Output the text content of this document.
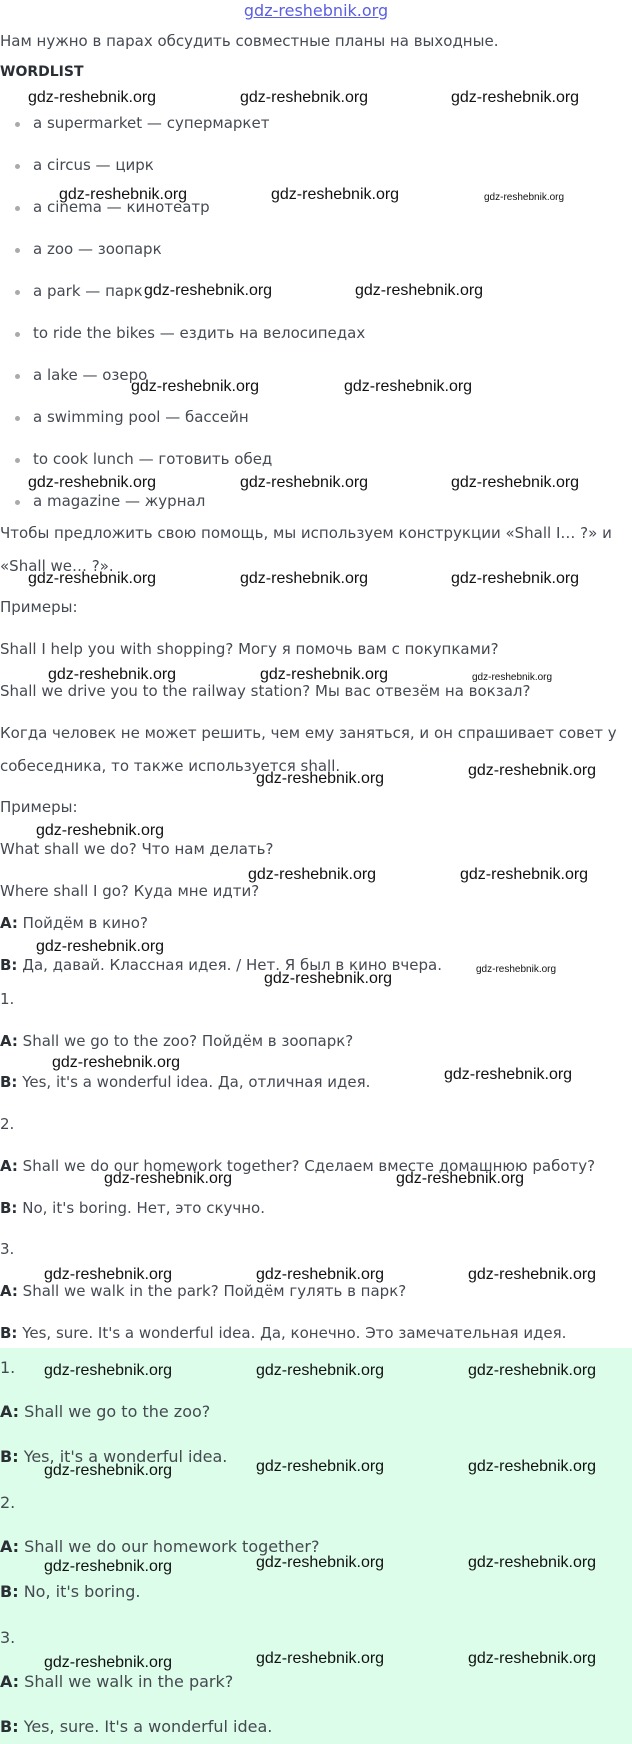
gdz-reshebnik.org
Нам нужно в парах обсудить совместные планы на выходные.
WORDLIST
a supermarket — супермаркет
a circus — цирк
a cinema — кинотеатр
a zoo — зоопарк
a park — парк
to ride the bikes — ездить на велосипедах
a lake — озеро
a swimming pool — бассейн
to cook lunch — готовить обед
a magazine — журнал
Чтобы предложить свою помощь, мы используем конструкции «Shall I… ?» и
«Shall we… ?».
Примеры:
Shall I help you with shopping? Могу я помочь вам с покупками?
Shall we drive you to the railway station? Мы вас отвезём на вокзал?
Когда человек не может решить, чем ему заняться, и он спрашивает совет у
собеседника, то также используется shall.
Примеры:
What shall we do? Что нам делать?
Where shall I go? Куда мне идти?
A: Пойдём в кино?
B: Да, давай. Классная идея. / Нет. Я был в кино вчера.
1.
A: Shall we go to the zoo? Пойдём в зоопарк?
B: Yes, it's a wonderful idea. Да, отличная идея.
2.
A: Shall we do our homework together? Сделаем вместе домашнюю работу?
B: No, it's boring. Нет, это скучно.
3.
A: Shall we walk in the park? Пойдём гулять в парк?
B: Yes, sure. It's a wonderful idea. Да, конечно. Это замечательная идея.
1.
A: Shall we go to the zoo?
B: Yes, it's a wonderful idea.
2.
A: Shall we do our homework together?
B: No, it's boring.
3.
A: Shall we walk in the park?
B: Yes, sure. It's a wonderful idea.
gdz-reshebnik.org	gdz-reshebnik.org	gdz-reshebnik.org
gdz-reshebnik.org	gdz-reshebnik.org	gdz-reshebnik.org
gdz-reshebnik.org	gdz-reshebnik.org
gdz-reshebnik.org	gdz-reshebnik.org
gdz-reshebnik.org	gdz-reshebnik.org	gdz-reshebnik.org
gdz-reshebnik.org	gdz-reshebnik.org	gdz-reshebnik.org
gdz-reshebnik.org	gdz-reshebnik.org	gdz-reshebnik.org
gdz-reshebnik.org
gdz-reshebnik.org
gdz-reshebnik.org
gdz-reshebnik.org	gdz-reshebnik.org
gdz-reshebnik.org
gdz-reshebnik.org
gdz-reshebnik.org
gdz-reshebnik.org
gdz-reshebnik.org
gdz-reshebnik.org	gdz-reshebnik.org
gdz-reshebnik.org	gdz-reshebnik.org	gdz-reshebnik.org
gdz-reshebnik.org	gdz-reshebnik.org	gdz-reshebnik.org
gdz-reshebnik.org	gdz-reshebnik.org	gdz-reshebnik.org
gdz-reshebnik.org	gdz-reshebnik.org	gdz-reshebnik.org
gdz-reshebnik.org	gdz-reshebnik.org	gdz-reshebnik.org
